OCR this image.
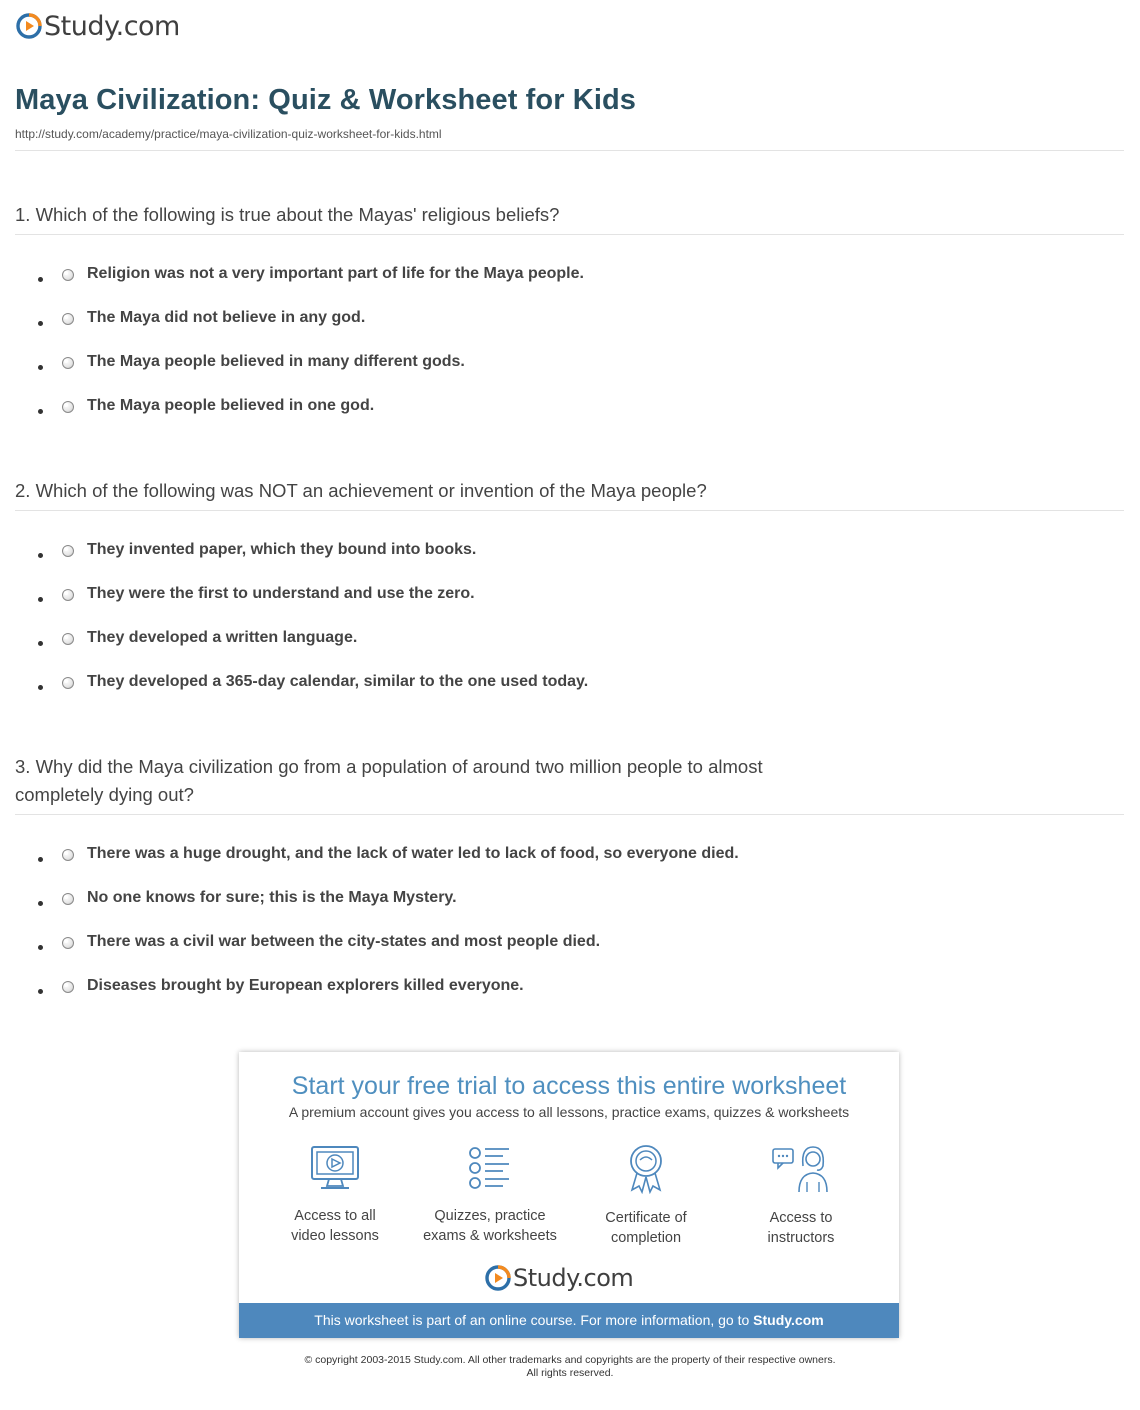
Study.com
Maya Civilization: Quiz & Worksheet for Kids
http://study.com/academy/practice/maya-civilization-quiz-worksheet-for-kids.html
1. Which of the following is true about the Mayas' religious beliefs?
Religion was not a very important part of life for the Maya people.
The Maya did not believe in any god.
The Maya people believed in many different gods.
The Maya people believed in one god.
2. Which of the following was NOT an achievement or invention of the Maya people?
They invented paper, which they bound into books.
They were the first to understand and use the zero.
They developed a written language.
They developed a 365-day calendar, similar to the one used today.
3. Why did the Maya civilization go from a population of around two million people to almost
completely dying out?
There was a huge drought, and the lack of water led to lack of food, so everyone died.
No one knows for sure; this is the Maya Mystery.
There was a civil war between the city-states and most people died.
Diseases brought by European explorers killed everyone.
Start your free trial to access this entire worksheet
A premium account gives you access to all lessons, practice exams, quizzes & worksheets
Access to all
video lessons
Quizzes, practice
exams & worksheets
Certificate of
completion
Access to
instructors
Study.com
This worksheet is part of an online course. For more information, go to Study.com
© copyright 2003-2015 Study.com. All other trademarks and copyrights are the property of their respective owners.
All rights reserved.
